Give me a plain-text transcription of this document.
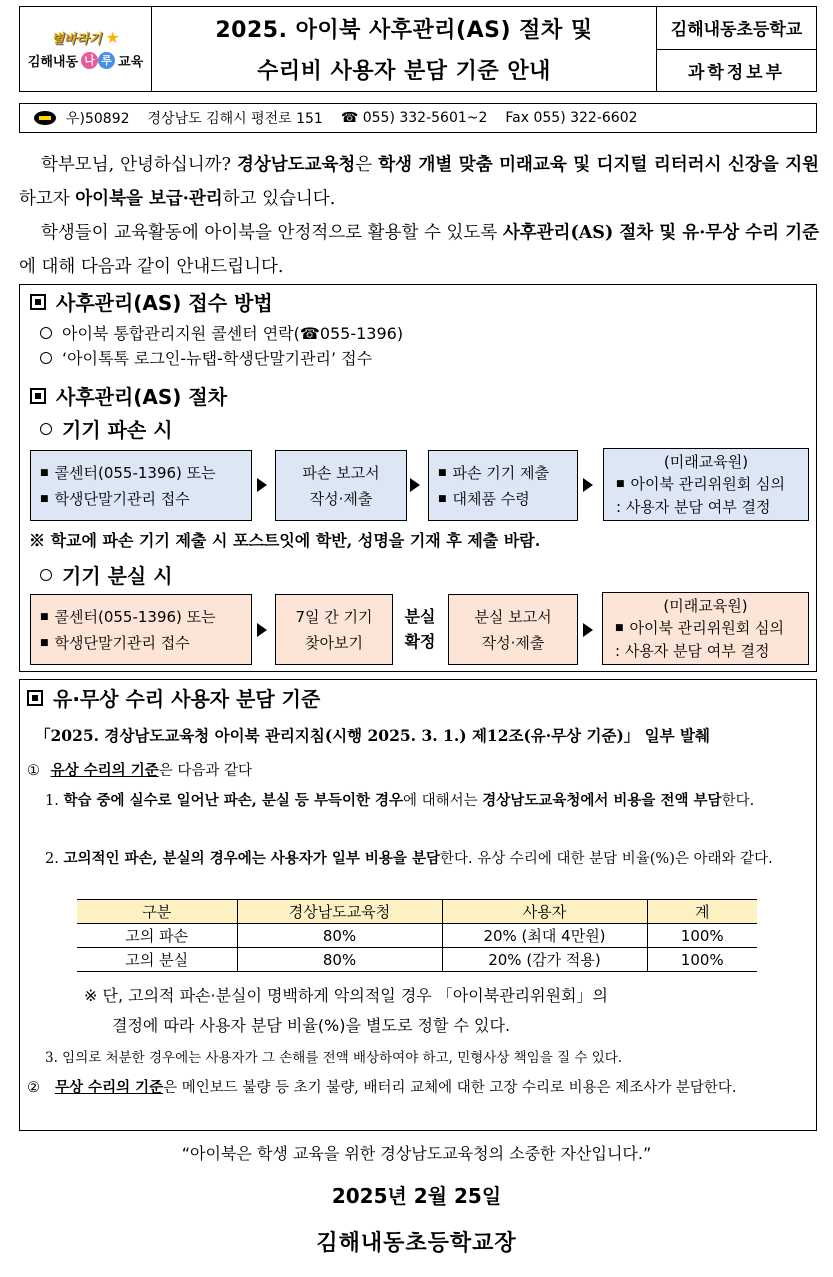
별바라기 ★
김해내동 나 루 교육
2025. 아이북 사후관리(AS) 절차 및
수리비 사용자 분담 기준 안내
김해내동초등학교
과학정보부
우)50892 경상남도 김해시 평전로 151 ☎ 055) 332-5601~2 Fax 055) 322-6602

학부모님, 안녕하십니까? 경상남도교육청은 학생 개별 맞춤 미래교육 및 디지털 리터러시 신장을 지원하고자 아이북을 보급·관리하고 있습니다.

학생들이 교육활동에 아이북을 안정적으로 활용할 수 있도록 사후관리(AS) 절차 및 유·무상 수리 기준에 대해 다음과 같이 안내드립니다.

사후관리(AS) 접수 방법
아이북 통합관리지원 콜센터 연락(☎055-1396)
‘아이톡톡 로그인-뉴탭-학생단말기관리’ 접수
사후관리(AS) 절차
기기 파손 시
■ 콜센터(055-1396) 또는
■ 학생단말기관리 접수
파손 보고서
작성·제출
■ 파손 기기 제출
■ 대체품 수령
(미래교육원)
■ 아이북 관리위원회 심의
: 사용자 분담 여부 결정
※ 학교에 파손 기기 제출 시 포스트잇에 학반, 성명을 기재 후 제출 바람.
기기 분실 시
■ 콜센터(055-1396) 또는
■ 학생단말기관리 접수
7일 간 기기
찾아보기
분실
확정
분실 보고서
작성·제출
(미래교육원)
■ 아이북 관리위원회 심의
: 사용자 분담 여부 결정
유·무상 수리 사용자 분담 기준
「2025. 경상남도교육청 아이북 관리지침(시행 2025. 3. 1.) 제12조(유·무상 기준)」 일부 발췌
① 유상 수리의 기준은 다음과 같다
1. 학습 중에 실수로 일어난 파손, 분실 등 부득이한 경우에 대해서는 경상남도교육청에서 비용을 전액 부담한다.
2. 고의적인 파손, 분실의 경우에는 사용자가 일부 비용을 분담한다. 유상 수리에 대한 분담 비율(%)은 아래와 같다.
구분	경상남도교육청	사용자	계
고의 파손	80%	20% (최대 4만원)	100%
고의 분실	80%	20% (감가 적용)	100%
※ 단, 고의적 파손·분실이 명백하게 악의적일 경우 「아이북관리위원회」의
결정에 따라 사용자 분담 비율(%)을 별도로 정할 수 있다.
3. 임의로 처분한 경우에는 사용자가 그 손해를 전액 배상하여야 하고, 민형사상 책임을 질 수 있다.
② 무상 수리의 기준은 메인보드 불량 등 초기 불량, 배터리 교체에 대한 고장 수리로 비용은 제조사가 분담한다.
“아이북은 학생 교육을 위한 경상남도교육청의 소중한 자산입니다.”
2025년 2월 25일
김해내동초등학교장
